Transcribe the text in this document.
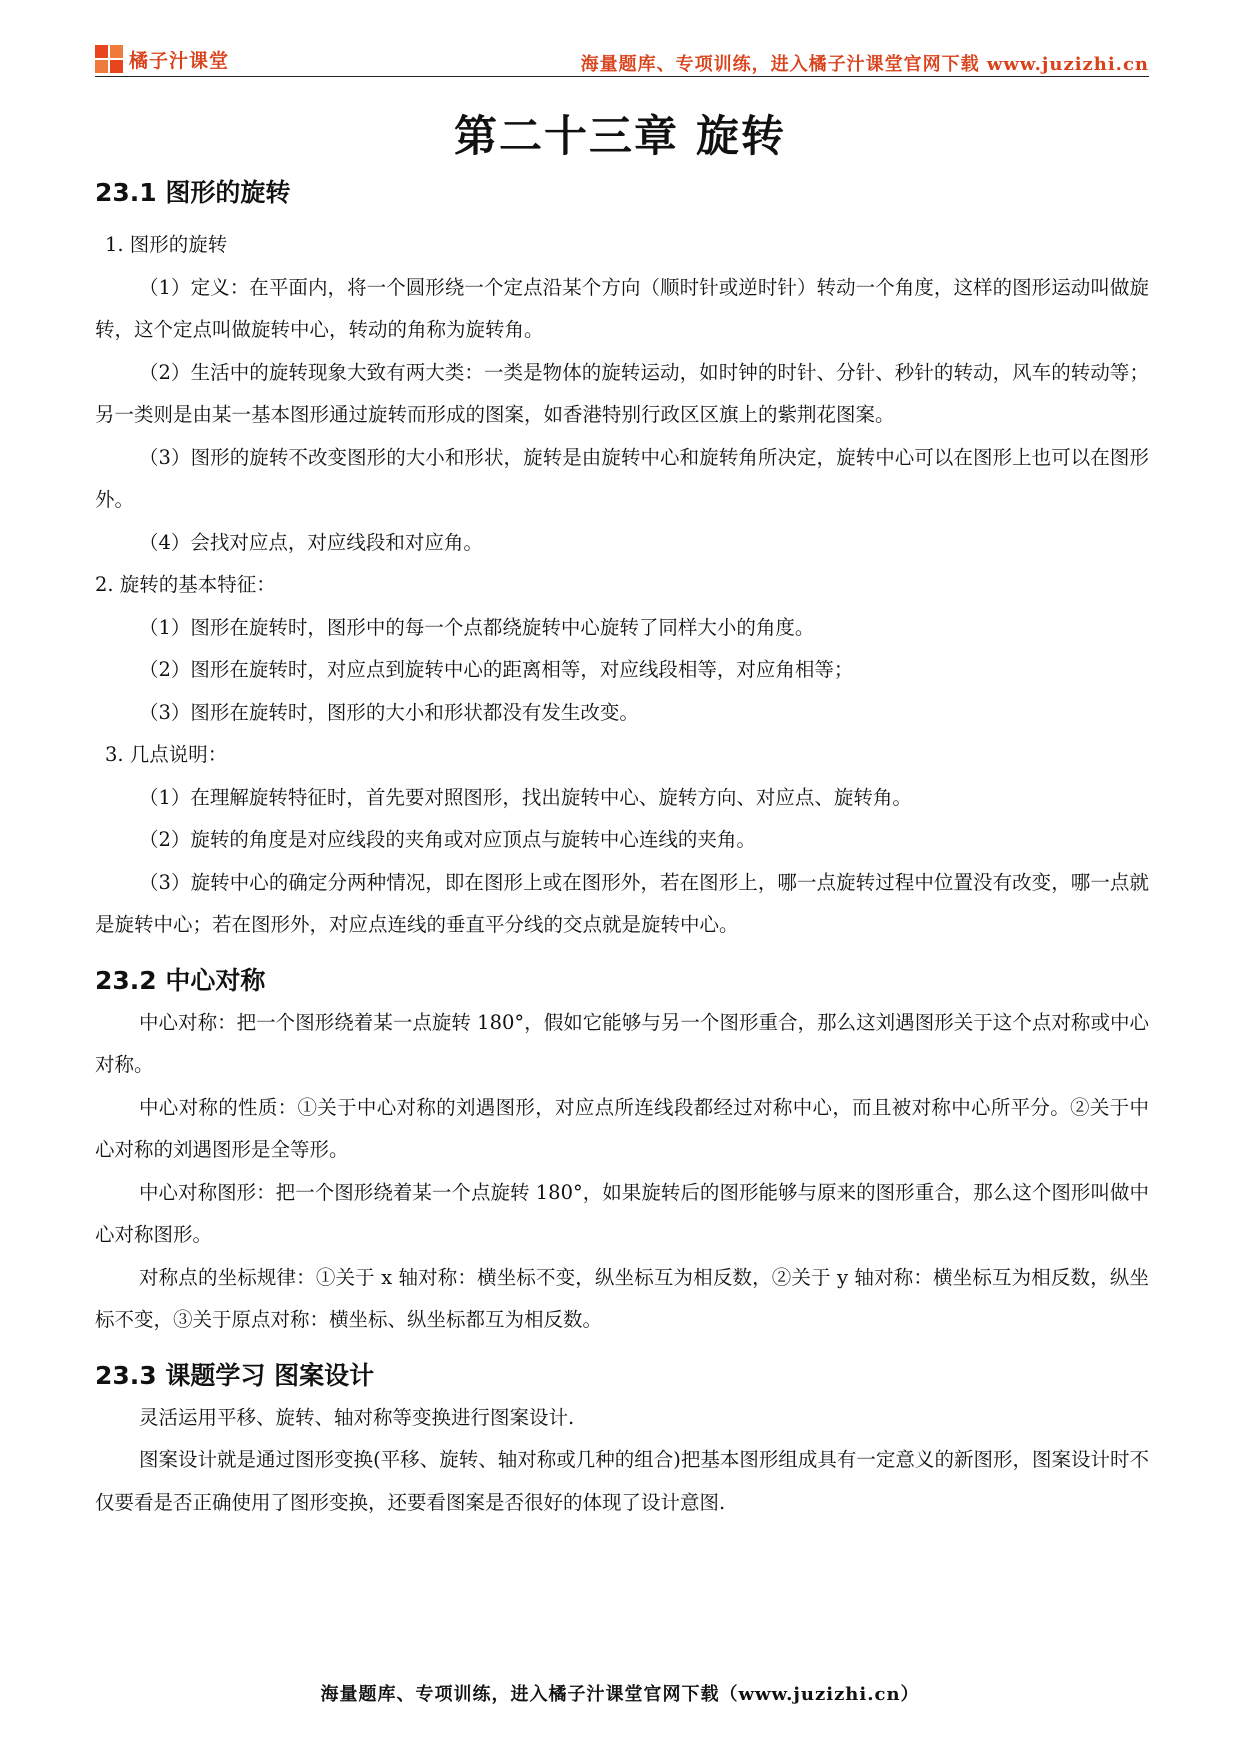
橘子汁课堂	海量题库、专项训练，进入橘子汁课堂官网下载 www.juzizhi.cn
第二十三章 旋转
23.1 图形的旋转

1. 图形的旋转

（1）定义：在平面内，将一个圆形绕一个定点沿某个方向（顺时针或逆时针）转动一个角度，这样的图形运动叫做旋转，这个定点叫做旋转中心，转动的角称为旋转角。

（2）生活中的旋转现象大致有两大类：一类是物体的旋转运动，如时钟的时针、分针、秒针的转动，风车的转动等；另一类则是由某一基本图形通过旋转而形成的图案，如香港特别行政区区旗上的紫荆花图案。

（3）图形的旋转不改变图形的大小和形状，旋转是由旋转中心和旋转角所决定，旋转中心可以在图形上也可以在图形外。

（4）会找对应点，对应线段和对应角。

2. 旋转的基本特征：

（1）图形在旋转时，图形中的每一个点都绕旋转中心旋转了同样大小的角度。

（2）图形在旋转时，对应点到旋转中心的距离相等，对应线段相等，对应角相等；

（3）图形在旋转时，图形的大小和形状都没有发生改变。

3. 几点说明：

（1）在理解旋转特征时，首先要对照图形，找出旋转中心、旋转方向、对应点、旋转角。

（2）旋转的角度是对应线段的夹角或对应顶点与旋转中心连线的夹角。

（3）旋转中心的确定分两种情况，即在图形上或在图形外，若在图形上，哪一点旋转过程中位置没有改变，哪一点就是旋转中心；若在图形外，对应点连线的垂直平分线的交点就是旋转中心。

23.2 中心对称

中心对称：把一个图形绕着某一点旋转 180°，假如它能够与另一个图形重合，那么这刘遇图形关于这个点对称或中心对称。

中心对称的性质：①关于中心对称的刘遇图形，对应点所连线段都经过对称中心，而且被对称中心所平分。②关于中心对称的刘遇图形是全等形。

中心对称图形：把一个图形绕着某一个点旋转 180°，如果旋转后的图形能够与原来的图形重合，那么这个图形叫做中心对称图形。

对称点的坐标规律：①关于 x 轴对称：横坐标不变，纵坐标互为相反数，②关于 y 轴对称：横坐标互为相反数，纵坐标不变，③关于原点对称：横坐标、纵坐标都互为相反数。

23.3 课题学习 图案设计

灵活运用平移、旋转、轴对称等变换进行图案设计.

图案设计就是通过图形变换(平移、旋转、轴对称或几种的组合)把基本图形组成具有一定意义的新图形，图案设计时不仅要看是否正确使用了图形变换，还要看图案是否很好的体现了设计意图.

海量题库、专项训练，进入橘子汁课堂官网下载（www.juzizhi.cn）
